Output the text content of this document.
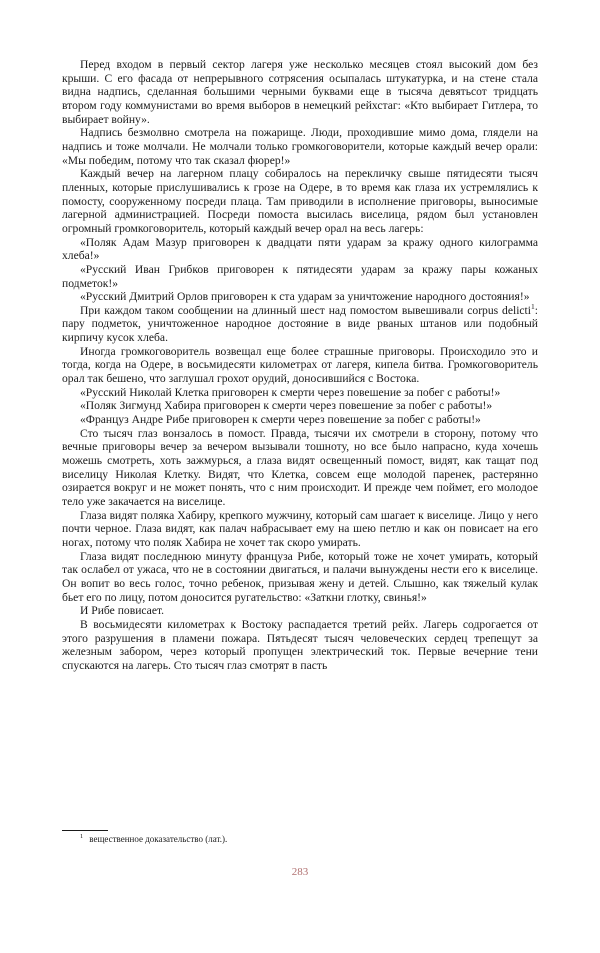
Перед входом в первый сектор лагеря уже несколько месяцев стоял высокий дом без крыши. С его фасада от непрерывного сотрясения осыпалась штукатурка, и на стене стала видна надпись, сделанная большими черными буквами еще в тысяча девятьсот тридцать втором году коммунистами во время выборов в немецкий рейхстаг: «Кто выбирает Гитлера, то выбирает войну».

Надпись безмолвно смотрела на пожарище. Люди, проходившие мимо дома, глядели на надпись и тоже молчали. Не молчали только громкоговорители, которые каждый вечер орали: «Мы победим, потому что так сказал фюрер!»

Каждый вечер на лагерном плацу собиралось на перекличку свыше пятидесяти тысяч пленных, которые прислушивались к грозе на Одере, в то время как глаза их устремлялись к помосту, сооруженному посреди плаца. Там приводили в исполнение приговоры, выносимые лагерной администрацией. Посреди помоста высилась виселица, рядом был установлен огромный громкоговоритель, который каждый вечер орал на весь лагерь:

«Поляк Адам Мазур приговорен к двадцати пяти ударам за кражу одного килограмма хлеба!»

«Русский Иван Грибков приговорен к пятидесяти ударам за кражу пары кожаных подметок!»

«Русский Дмитрий Орлов приговорен к ста ударам за уничтожение народного достояния!»

При каждом таком сообщении на длинный шест над помостом вывешивали corpus delicti$^1$: пару подметок, уничтоженное народное достояние в виде рваных штанов или подобный кирпичу кусок хлеба.

Иногда громкоговоритель возвещал еще более страшные приговоры. Происходило это и тогда, когда на Одере, в восьмидесяти километрах от лагеря, кипела битва. Громкоговоритель орал так бешено, что заглушал грохот орудий, доносившийся с Востока.

«Русский Николай Клетка приговорен к смерти через повешение за побег с работы!»

«Поляк Зигмунд Хабира приговорен к смерти через повешение за побег с работы!»

«Француз Андре Рибе приговорен к смерти через повешение за побег с работы!»

Сто тысяч глаз вонзалось в помост. Правда, тысячи их смотрели в сторону, потому что вечные приговоры вечер за вечером вызывали тошноту, но все было напрасно, куда хочешь можешь смотреть, хоть зажмурься, а глаза видят освещенный помост, видят, как тащат под виселицу Николая Клетку. Видят, что Клетка, совсем еще молодой паренек, растерянно озирается вокруг и не может понять, что с ним происходит. И прежде чем поймет, его молодое тело уже закачается на виселице.

Глаза видят поляка Хабиру, крепкого мужчину, который сам шагает к виселице. Лицо у него почти черное. Глаза видят, как палач набрасывает ему на шею петлю и как он повисает на его ногах, потому что поляк Хабира не хочет так скоро умирать.

Глаза видят последнюю минуту француза Рибе, который тоже не хочет умирать, который так ослабел от ужаса, что не в состоянии двигаться, и палачи вынуждены нести его к виселице. Он вопит во весь голос, точно ребенок, призывая жену и детей. Слышно, как тяжелый кулак бьет его по лицу, потом доносится ругательство: «Заткни глотку, свинья!»

И Рибе повисает.

В восьмидесяти километрах к Востоку распадается третий рейх. Лагерь содрогается от этого разрушения в пламени пожара. Пятьдесят тысяч человеческих сердец трепещут за железным забором, через который пропущен электрический ток. Первые вечерние тени спускаются на лагерь. Сто тысяч глаз смотрят в пасть

$^1$ вещественное доказательство (лат.).
283
